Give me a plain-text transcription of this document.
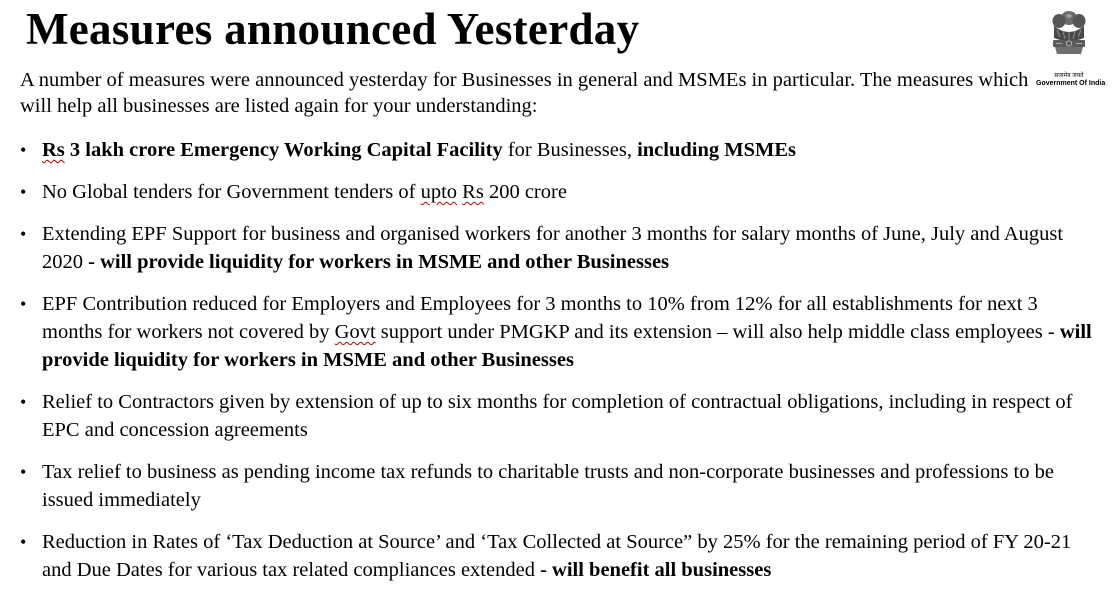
Measures announced Yesterday
सत्यमेव जयते
Government Of India
A number of measures were announced yesterday for Businesses in general and MSMEs in particular. The measures which will help all businesses are listed again for your understanding:
• Rs 3 lakh crore Emergency Working Capital Facility for Businesses, including MSMEs
• No Global tenders for Government tenders of upto Rs 200 crore
• Extending EPF Support for business and organised workers for another 3 months for salary months of June, July and August 2020 - will provide liquidity for workers in MSME and other Businesses
• EPF Contribution reduced for Employers and Employees for 3 months to 10% from 12% for all establishments for next 3 months for workers not covered by Govt support under PMGKP and its extension – will also help middle class employees - will provide liquidity for workers in MSME and other Businesses
• Relief to Contractors given by extension of up to six months for completion of contractual obligations, including in respect of EPC and concession agreements
• Tax relief to business as pending income tax refunds to charitable trusts and non-corporate businesses and professions to be issued immediately
• Reduction in Rates of ‘Tax Deduction at Source’ and ‘Tax Collected at Source” by 25% for the remaining period of FY 20-21 and Due Dates for various tax related compliances extended - will benefit all businesses
